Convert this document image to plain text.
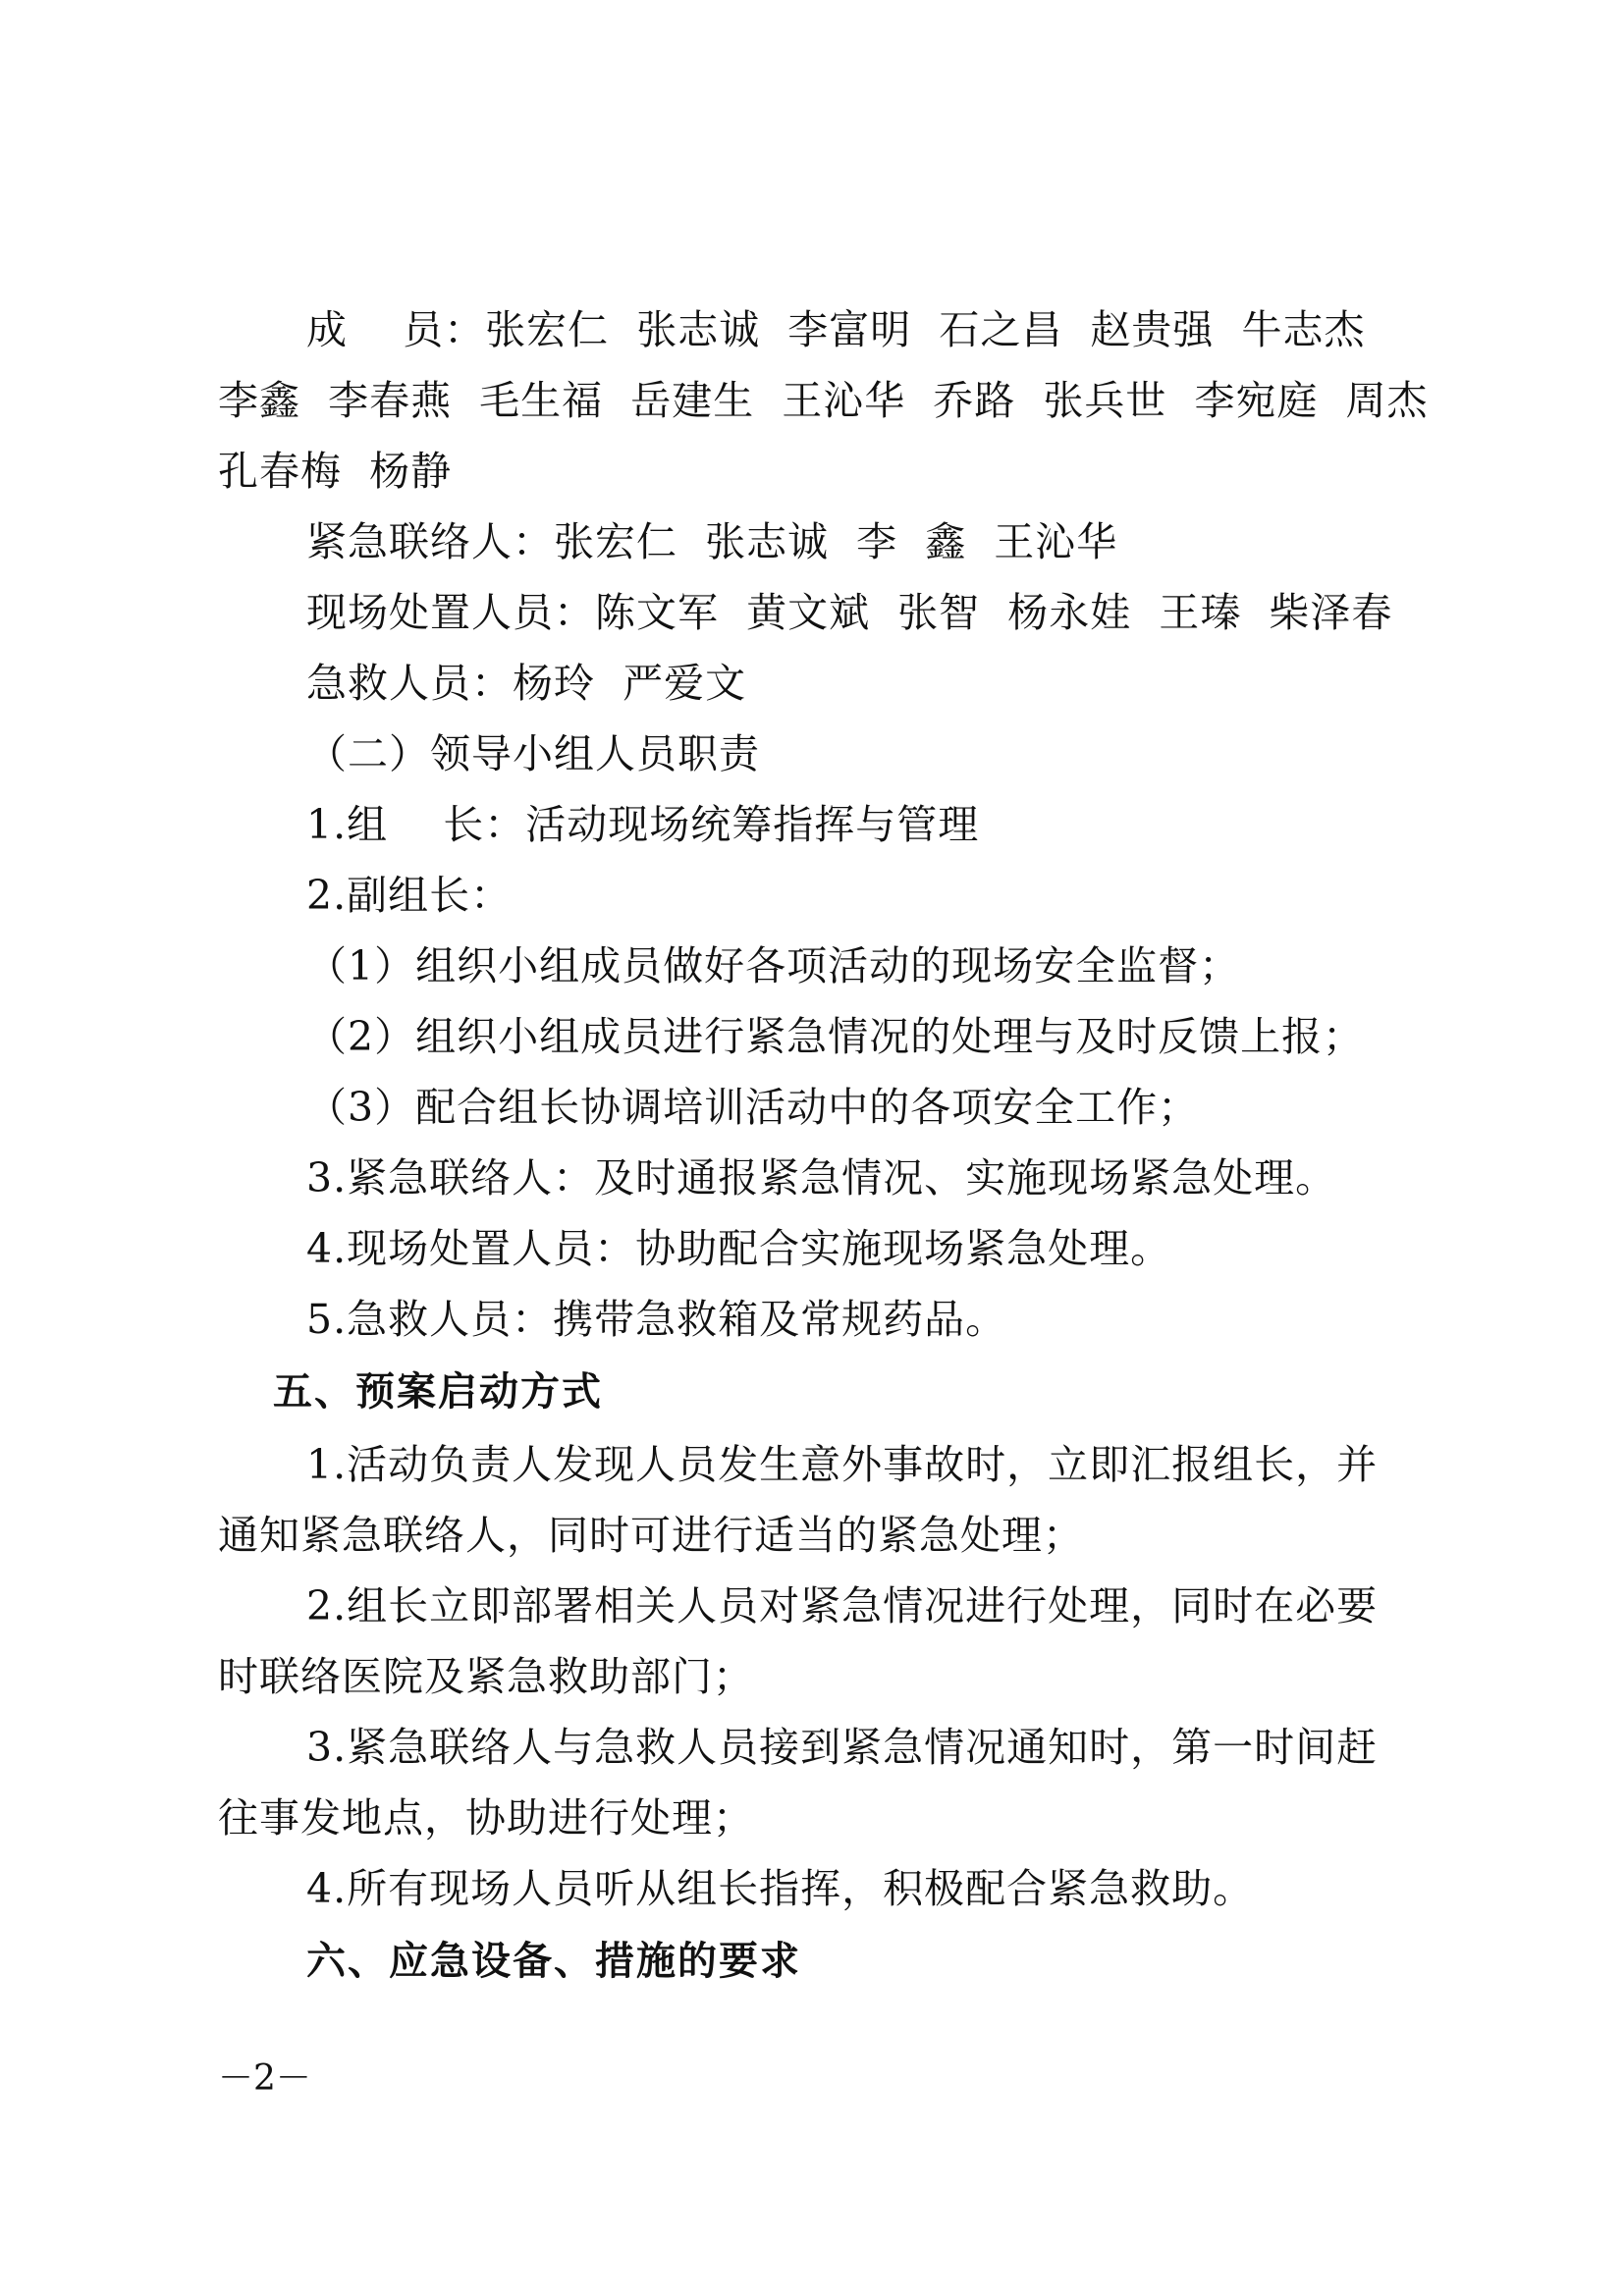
成    员：张宏仁  张志诚  李富明  石之昌  赵贵强  牛志杰
李鑫  李春燕  毛生福  岳建生  王沁华  乔路  张兵世  李宛庭  周杰
孔春梅  杨静
紧急联络人：张宏仁  张志诚  李  鑫  王沁华
现场处置人员：陈文军  黄文斌  张智  杨永娃  王瑧  柴泽春
急救人员：杨玲  严爱文
（二）领导小组人员职责
1.组    长：活动现场统筹指挥与管理
2.副组长：
（1）组织小组成员做好各项活动的现场安全监督；
（2）组织小组成员进行紧急情况的处理与及时反馈上报；
（3）配合组长协调培训活动中的各项安全工作；
3.紧急联络人：及时通报紧急情况、实施现场紧急处理。
4.现场处置人员：协助配合实施现场紧急处理。
5.急救人员：携带急救箱及常规药品。
五、预案启动方式
1.活动负责人发现人员发生意外事故时，立即汇报组长，并
通知紧急联络人，同时可进行适当的紧急处理；
2.组长立即部署相关人员对紧急情况进行处理，同时在必要
时联络医院及紧急救助部门；
3.紧急联络人与急救人员接到紧急情况通知时，第一时间赶
往事发地点，协助进行处理；
4.所有现场人员听从组长指挥，积极配合紧急救助。
六、应急设备、措施的要求
－2－
